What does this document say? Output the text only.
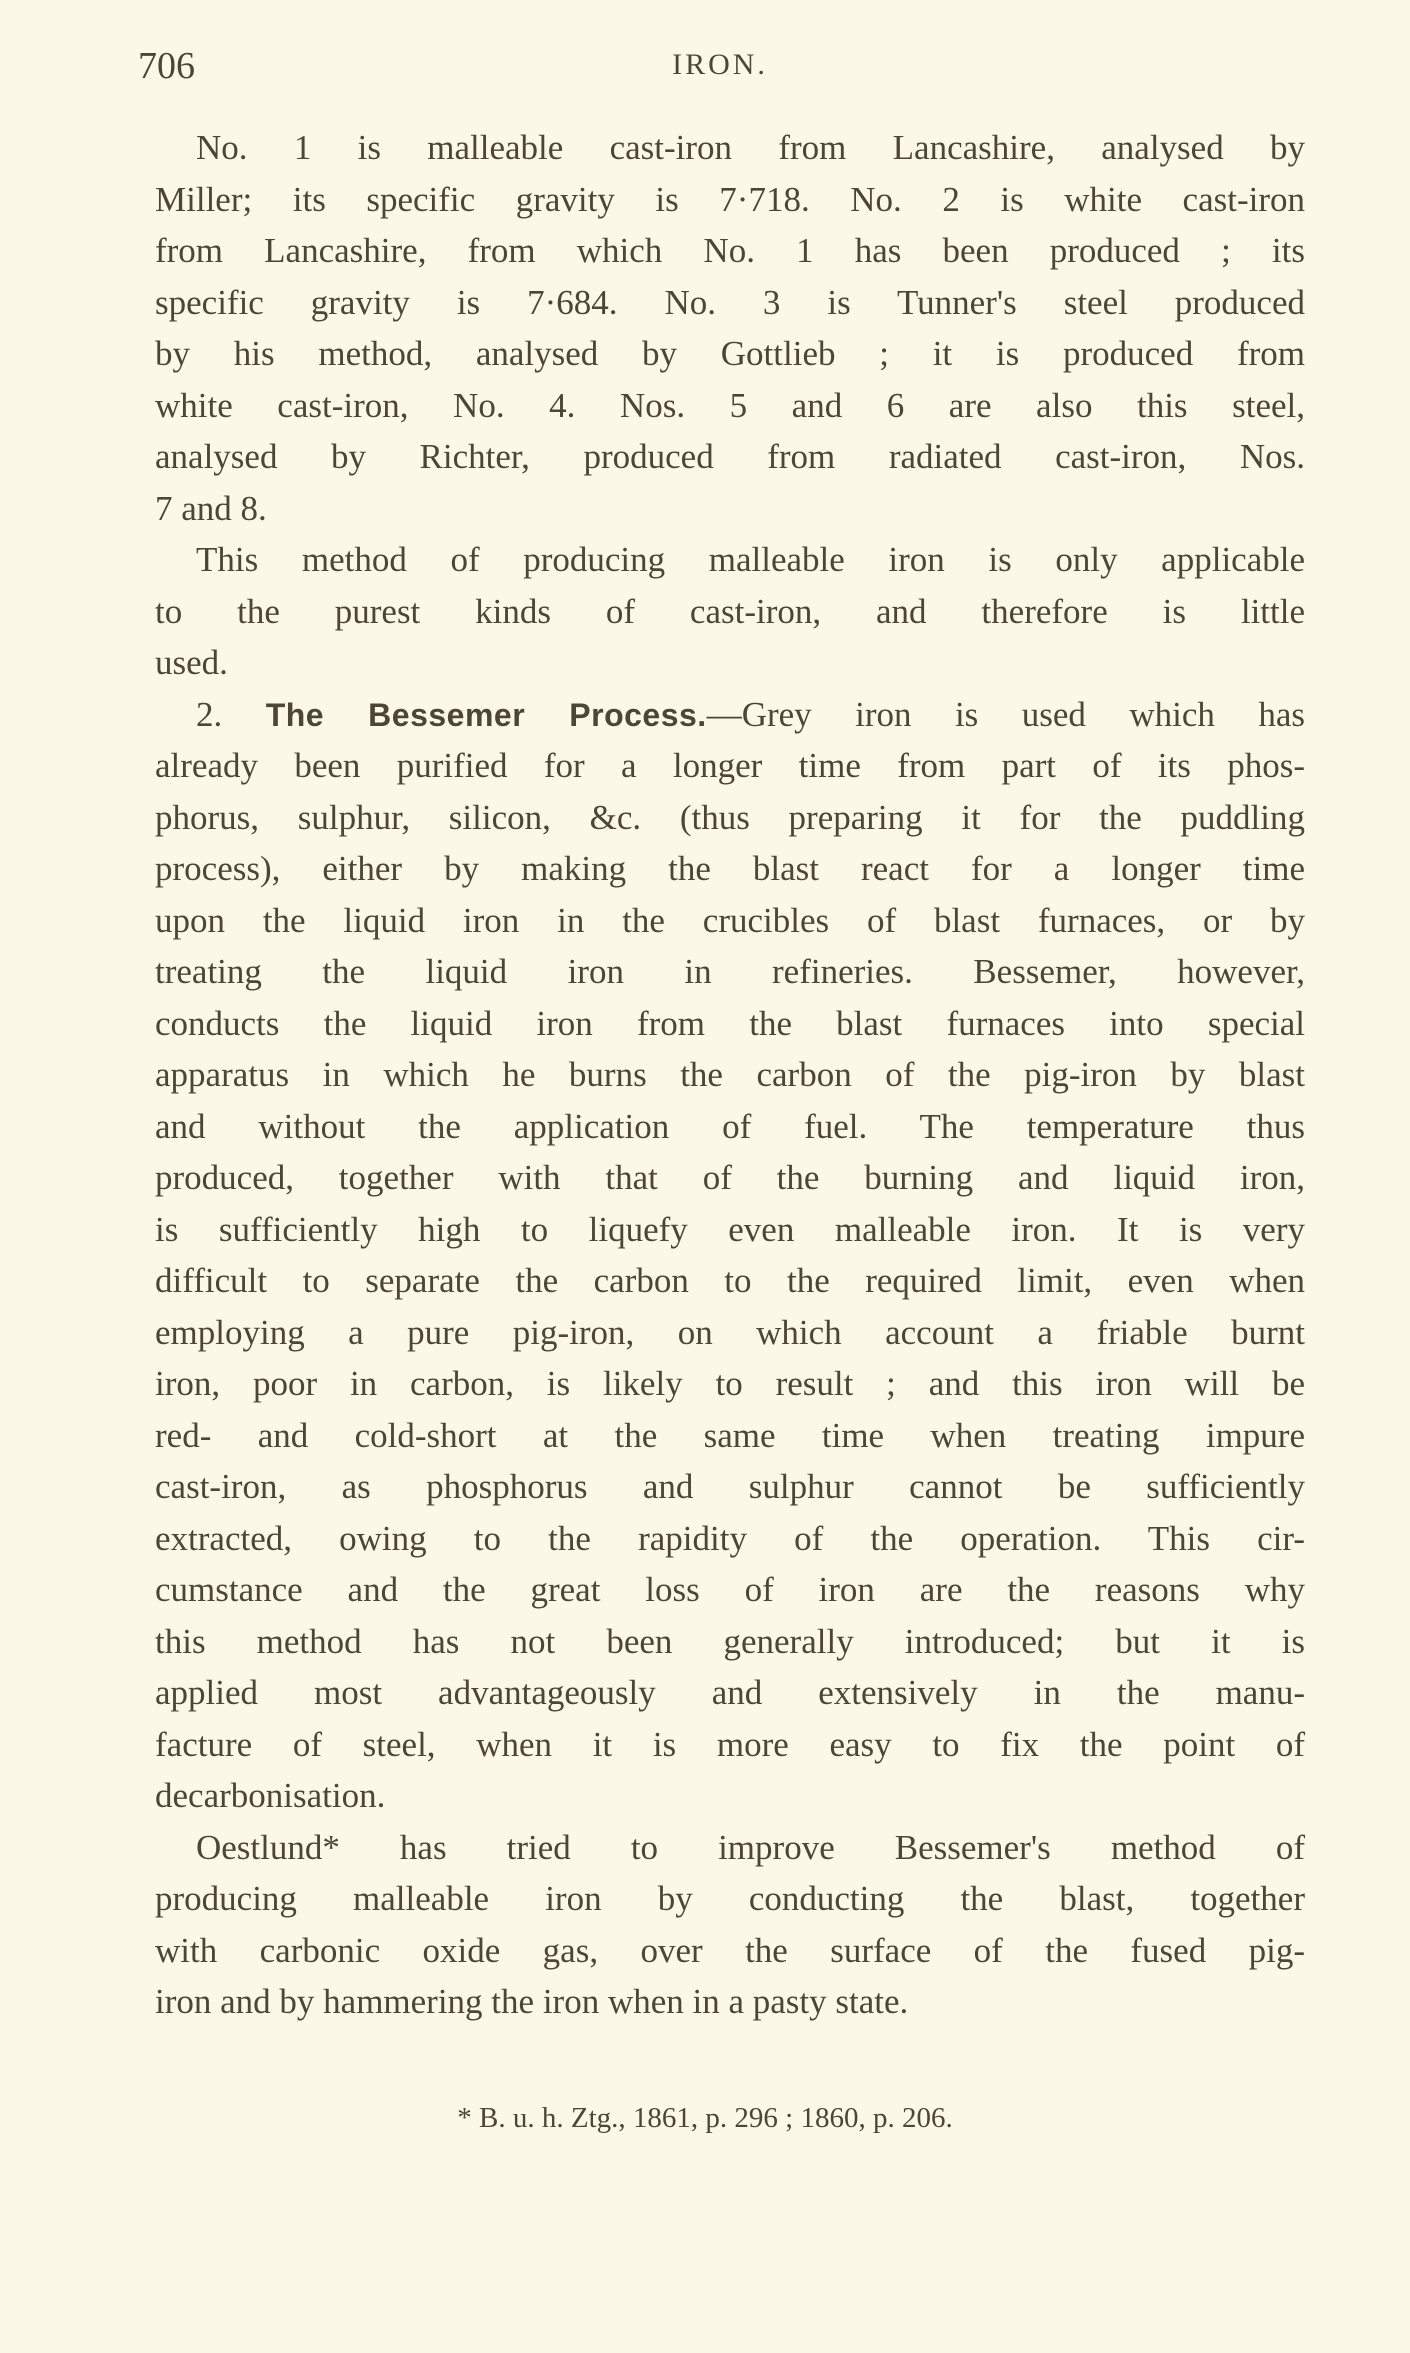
706	IRON.
No. 1 is malleable cast-iron from Lancashire, analysed by
Miller; its specific gravity is 7·718. No. 2 is white cast-iron
from Lancashire, from which No. 1 has been produced ; its
specific gravity is 7·684. No. 3 is Tunner's steel produced
by his method, analysed by Gottlieb ; it is produced from
white cast-iron, No. 4. Nos. 5 and 6 are also this steel,
analysed by Richter, produced from radiated cast-iron, Nos.
7 and 8.
This method of producing malleable iron is only applicable
to the purest kinds of cast-iron, and therefore is little
used.
2. The Bessemer Process.—Grey iron is used which has
already been purified for a longer time from part of its phos-
phorus, sulphur, silicon, &c. (thus preparing it for the puddling
process), either by making the blast react for a longer time
upon the liquid iron in the crucibles of blast furnaces, or by
treating the liquid iron in refineries. Bessemer, however,
conducts the liquid iron from the blast furnaces into special
apparatus in which he burns the carbon of the pig-iron by blast
and without the application of fuel. The temperature thus
produced, together with that of the burning and liquid iron,
is sufficiently high to liquefy even malleable iron. It is very
difficult to separate the carbon to the required limit, even when
employing a pure pig-iron, on which account a friable burnt
iron, poor in carbon, is likely to result ; and this iron will be
red- and cold-short at the same time when treating impure
cast-iron, as phosphorus and sulphur cannot be sufficiently
extracted, owing to the rapidity of the operation. This cir-
cumstance and the great loss of iron are the reasons why
this method has not been generally introduced; but it is
applied most advantageously and extensively in the manu-
facture of steel, when it is more easy to fix the point of
decarbonisation.
Oestlund* has tried to improve Bessemer's method of
producing malleable iron by conducting the blast, together
with carbonic oxide gas, over the surface of the fused pig-
iron and by hammering the iron when in a pasty state.
* B. u. h. Ztg., 1861, p. 296 ; 1860, p. 206.
